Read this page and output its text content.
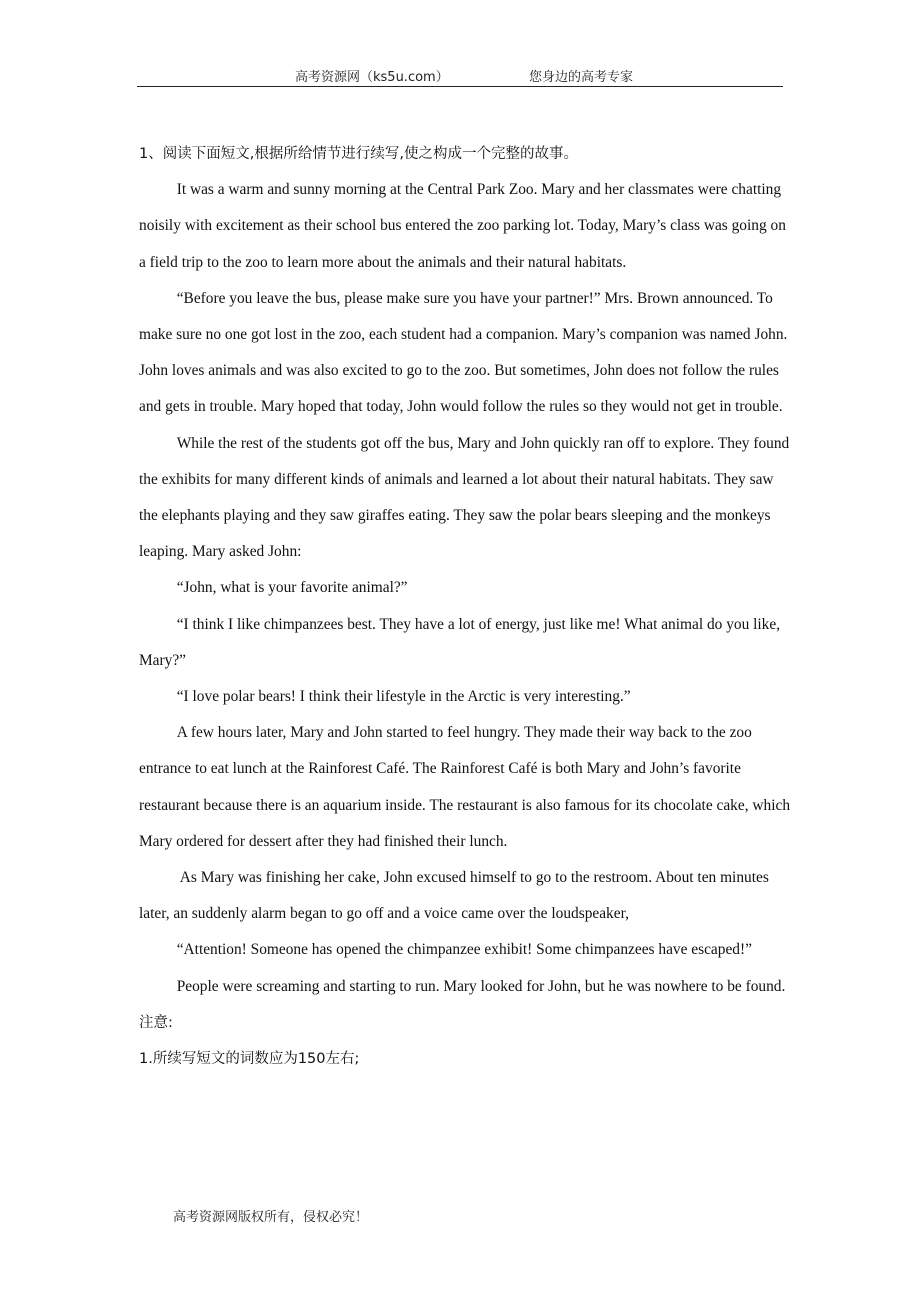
高考资源网（ks5u.com）	您身边的高考专家

1、阅读下面短文,根据所给情节进行续写,使之构成一个完整的故事。

It was a warm and sunny morning at the Central Park Zoo. Mary and her classmates were chatting noisily with excitement as their school bus entered the zoo parking lot. Today, Mary’s class was going on a field trip to the zoo to learn more about the animals and their natural habitats.

“Before you leave the bus, please make sure you have your partner!” Mrs. Brown announced. To make sure no one got lost in the zoo, each student had a companion. Mary’s companion was named John. John loves animals and was also excited to go to the zoo. But sometimes, John does not follow the rules and gets in trouble. Mary hoped that today, John would follow the rules so they would not get in trouble.

While the rest of the students got off the bus, Mary and John quickly ran off to explore. They found the exhibits for many different kinds of animals and learned a lot about their natural habitats. They saw the elephants playing and they saw giraffes eating. They saw the polar bears sleeping and the monkeys leaping. Mary asked John:

“John, what is your favorite animal?”

“I think I like chimpanzees best. They have a lot of energy, just like me! What animal do you like, Mary?”

“I love polar bears! I think their lifestyle in the Arctic is very interesting.”

A few hours later, Mary and John started to feel hungry. They made their way back to the zoo entrance to eat lunch at the Rainforest Café. The Rainforest Café is both Mary and John’s favorite restaurant because there is an aquarium inside. The restaurant is also famous for its chocolate cake, which Mary ordered for dessert after they had finished their lunch.

As Mary was finishing her cake, John excused himself to go to the restroom. About ten minutes later, an suddenly alarm began to go off and a voice came over the loudspeaker,

“Attention! Someone has opened the chimpanzee exhibit! Some chimpanzees have escaped!”

People were screaming and starting to run. Mary looked for John, but he was nowhere to be found.

注意:

1.所续写短文的词数应为150左右;

高考资源网版权所有，侵权必究！
